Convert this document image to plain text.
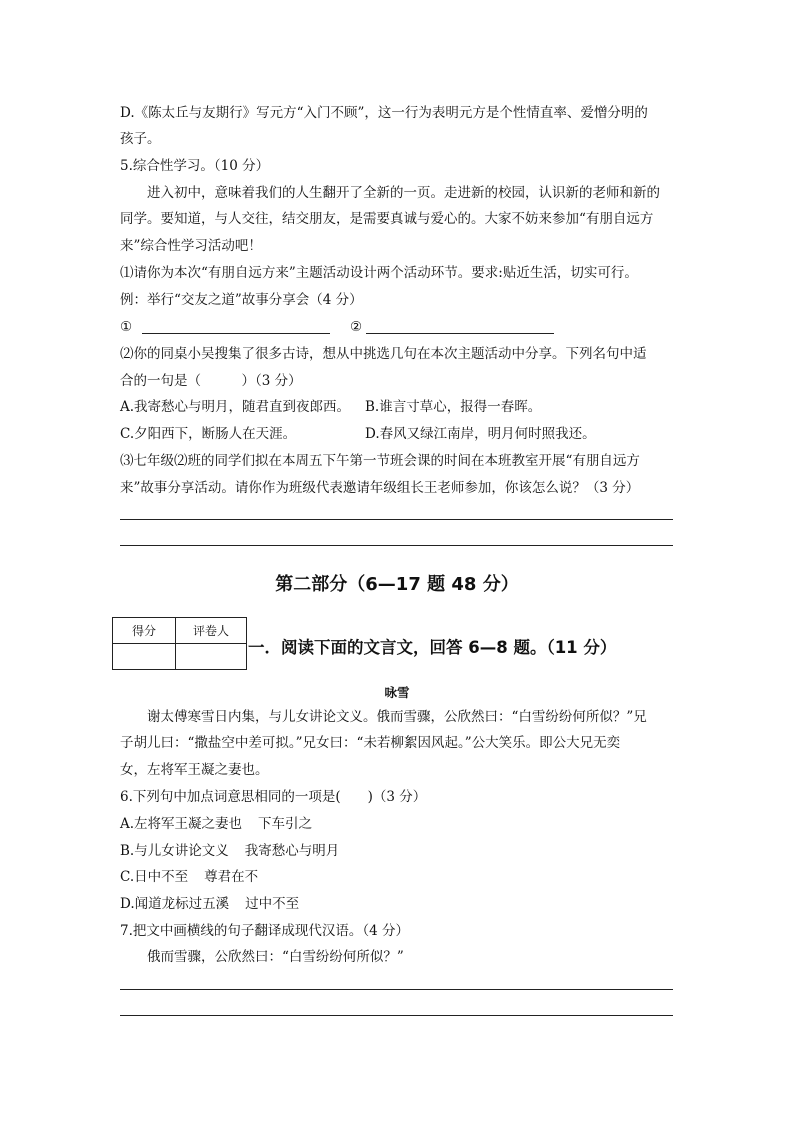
D.《陈太丘与友期行》写元方“入门不顾”，这一行为表明元方是个性情直率、爱憎分明的
孩子。
5.综合性学习。（10 分）
进入初中，意味着我们的人生翻开了全新的一页。走进新的校园，认识新的老师和新的
同学。要知道，与人交往，结交朋友，是需要真诚与爱心的。大家不妨来参加“有朋自远方
来”综合性学习活动吧！
⑴请你为本次“有朋自远方来”主题活动设计两个活动环节。要求:贴近生活，切实可行。
例：举行“交友之道”故事分享会（4 分）
①	②
⑵你的同桌小吴搜集了很多古诗，想从中挑选几句在本次主题活动中分享。下列名句中适
合的一句是（　　　）（3 分）
A.我寄愁心与明月，随君直到夜郎西。	B.谁言寸草心，报得一春晖。
C.夕阳西下，断肠人在天涯。	D.春风又绿江南岸，明月何时照我还。
⑶七年级⑵班的同学们拟在本周五下午第一节班会课的时间在本班教室开展“有朋自远方
来”故事分享活动。请你作为班级代表邀请年级组长王老师参加，你该怎么说？（3 分）
第二部分（6—17 题 48 分）
得分	评卷人

一．阅读下面的文言文，回答 6—8 题。（11 分）
咏雪
谢太傅寒雪日内集，与儿女讲论文义。俄而雪骤，公欣然曰：“白雪纷纷何所似？”兄
子胡儿曰：“撒盐空中差可拟。”兄女曰：“未若柳絮因风起。”公大笑乐。即公大兄无奕
女，左将军王凝之妻也。
6.下列句中加点词意思相同的一项是(　　)（3 分）
A.左将军王凝之妻也 下车引之
B.与儿女讲论文义 我寄愁心与明月
C.日中不至 尊君在不
D.闻道龙标过五溪 过中不至
7.把文中画横线的句子翻译成现代汉语。（4 分）
俄而雪骤，公欣然曰：“白雪纷纷何所似？”
